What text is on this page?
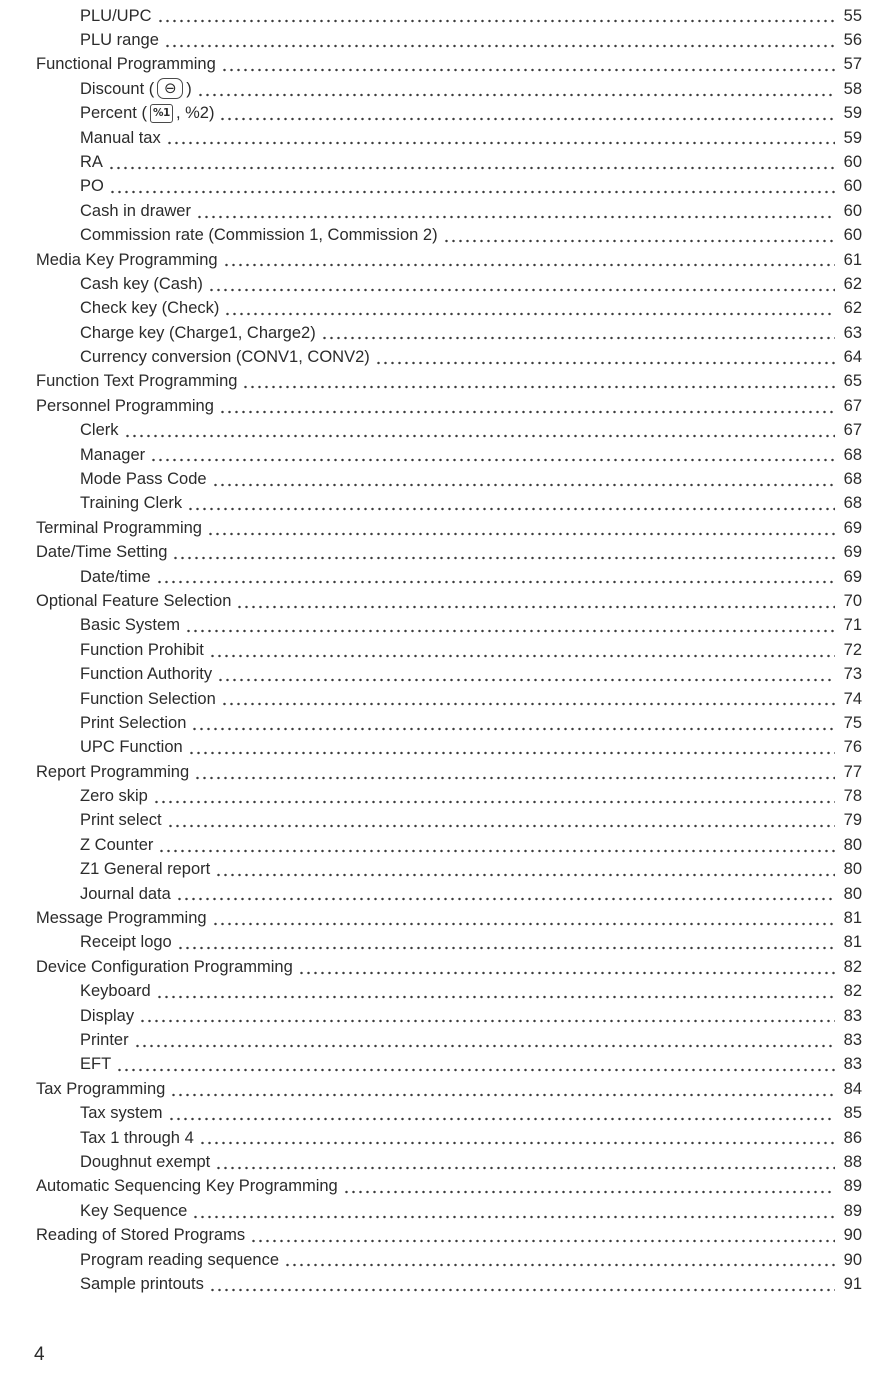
PLU/UPC	55
PLU range	56
Functional Programming	57
Discount ( ⊖ )	58
Percent ( %1 , %2)	59
Manual tax	59
RA	60
PO	60
Cash in drawer	60
Commission rate (Commission 1, Commission 2)	60
Media Key Programming	61
Cash key (Cash)	62
Check key (Check)	62
Charge key (Charge1, Charge2)	63
Currency conversion (CONV1, CONV2)	64
Function Text Programming	65
Personnel Programming	67
Clerk	67
Manager	68
Mode Pass Code	68
Training Clerk	68
Terminal Programming	69
Date/Time Setting	69
Date/time	69
Optional Feature Selection	70
Basic System	71
Function Prohibit	72
Function Authority	73
Function Selection	74
Print Selection	75
UPC Function	76
Report Programming	77
Zero skip	78
Print select	79
Z Counter	80
Z1 General report	80
Journal data	80
Message Programming	81
Receipt logo	81
Device Configuration Programming	82
Keyboard	82
Display	83
Printer	83
EFT	83
Tax Programming	84
Tax system	85
Tax 1 through 4	86
Doughnut exempt	88
Automatic Sequencing Key Programming	89
Key Sequence	89
Reading of Stored Programs	90
Program reading sequence	90
Sample printouts	91
4
